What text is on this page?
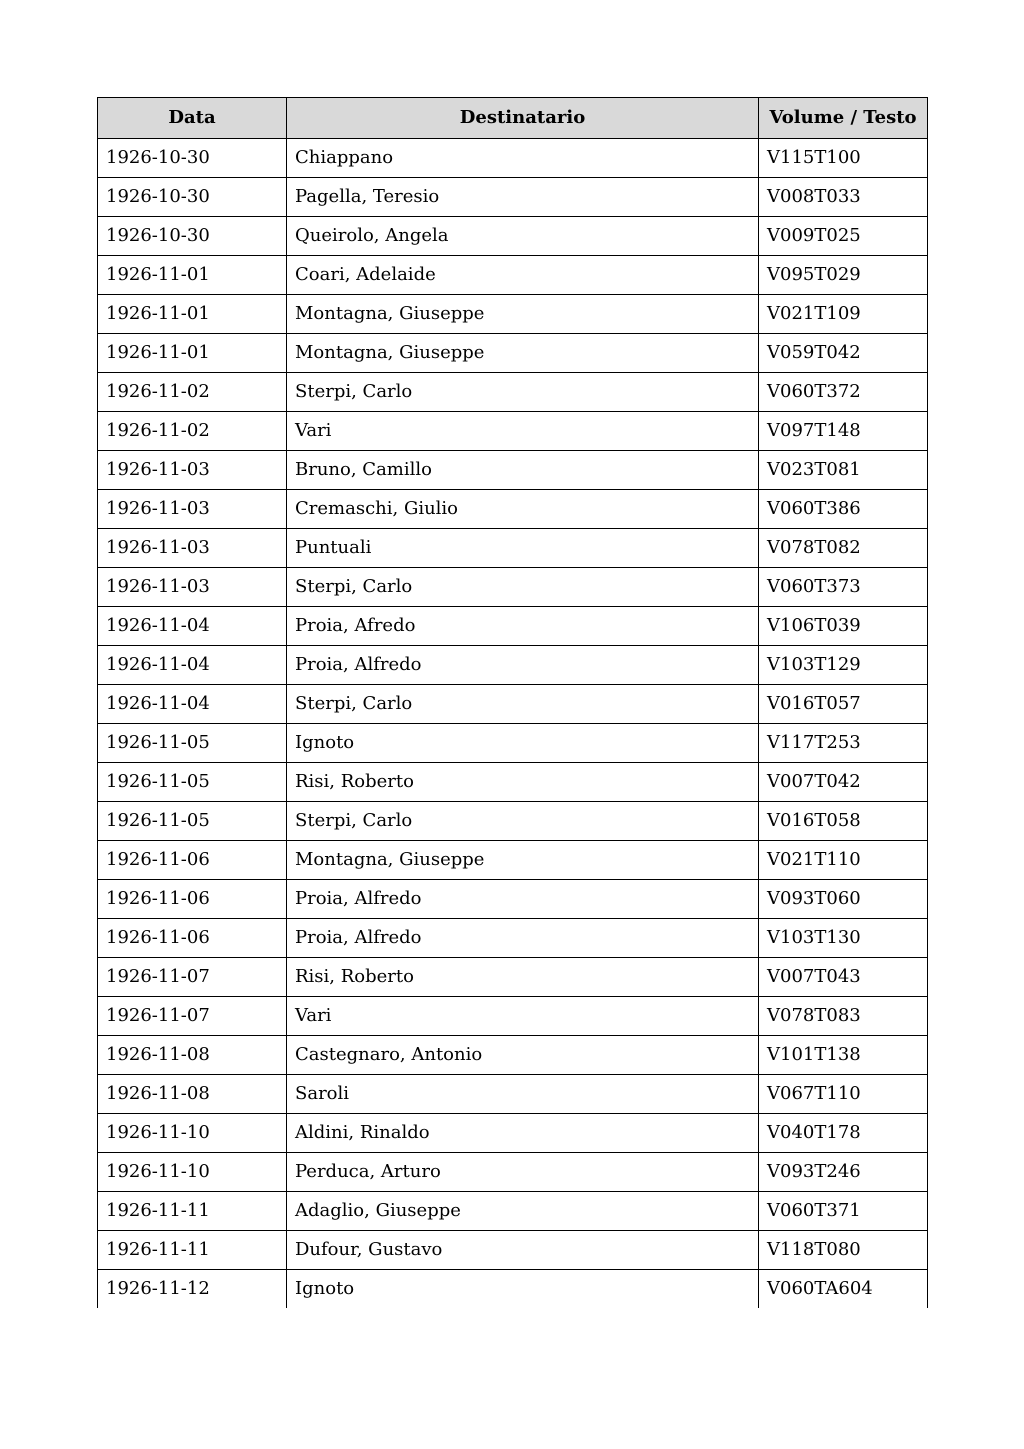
Data	Destinatario	Volume / Testo
1926-10-30	Chiappano	V115T100
1926-10-30	Pagella, Teresio	V008T033
1926-10-30	Queirolo, Angela	V009T025
1926-11-01	Coari, Adelaide	V095T029
1926-11-01	Montagna, Giuseppe	V021T109
1926-11-01	Montagna, Giuseppe	V059T042
1926-11-02	Sterpi, Carlo	V060T372
1926-11-02	Vari	V097T148
1926-11-03	Bruno, Camillo	V023T081
1926-11-03	Cremaschi, Giulio	V060T386
1926-11-03	Puntuali	V078T082
1926-11-03	Sterpi, Carlo	V060T373
1926-11-04	Proia, Afredo	V106T039
1926-11-04	Proia, Alfredo	V103T129
1926-11-04	Sterpi, Carlo	V016T057
1926-11-05	Ignoto	V117T253
1926-11-05	Risi, Roberto	V007T042
1926-11-05	Sterpi, Carlo	V016T058
1926-11-06	Montagna, Giuseppe	V021T110
1926-11-06	Proia, Alfredo	V093T060
1926-11-06	Proia, Alfredo	V103T130
1926-11-07	Risi, Roberto	V007T043
1926-11-07	Vari	V078T083
1926-11-08	Castegnaro, Antonio	V101T138
1926-11-08	Saroli	V067T110
1926-11-10	Aldini, Rinaldo	V040T178
1926-11-10	Perduca, Arturo	V093T246
1926-11-11	Adaglio, Giuseppe	V060T371
1926-11-11	Dufour, Gustavo	V118T080
1926-11-12	Ignoto	V060TA604
